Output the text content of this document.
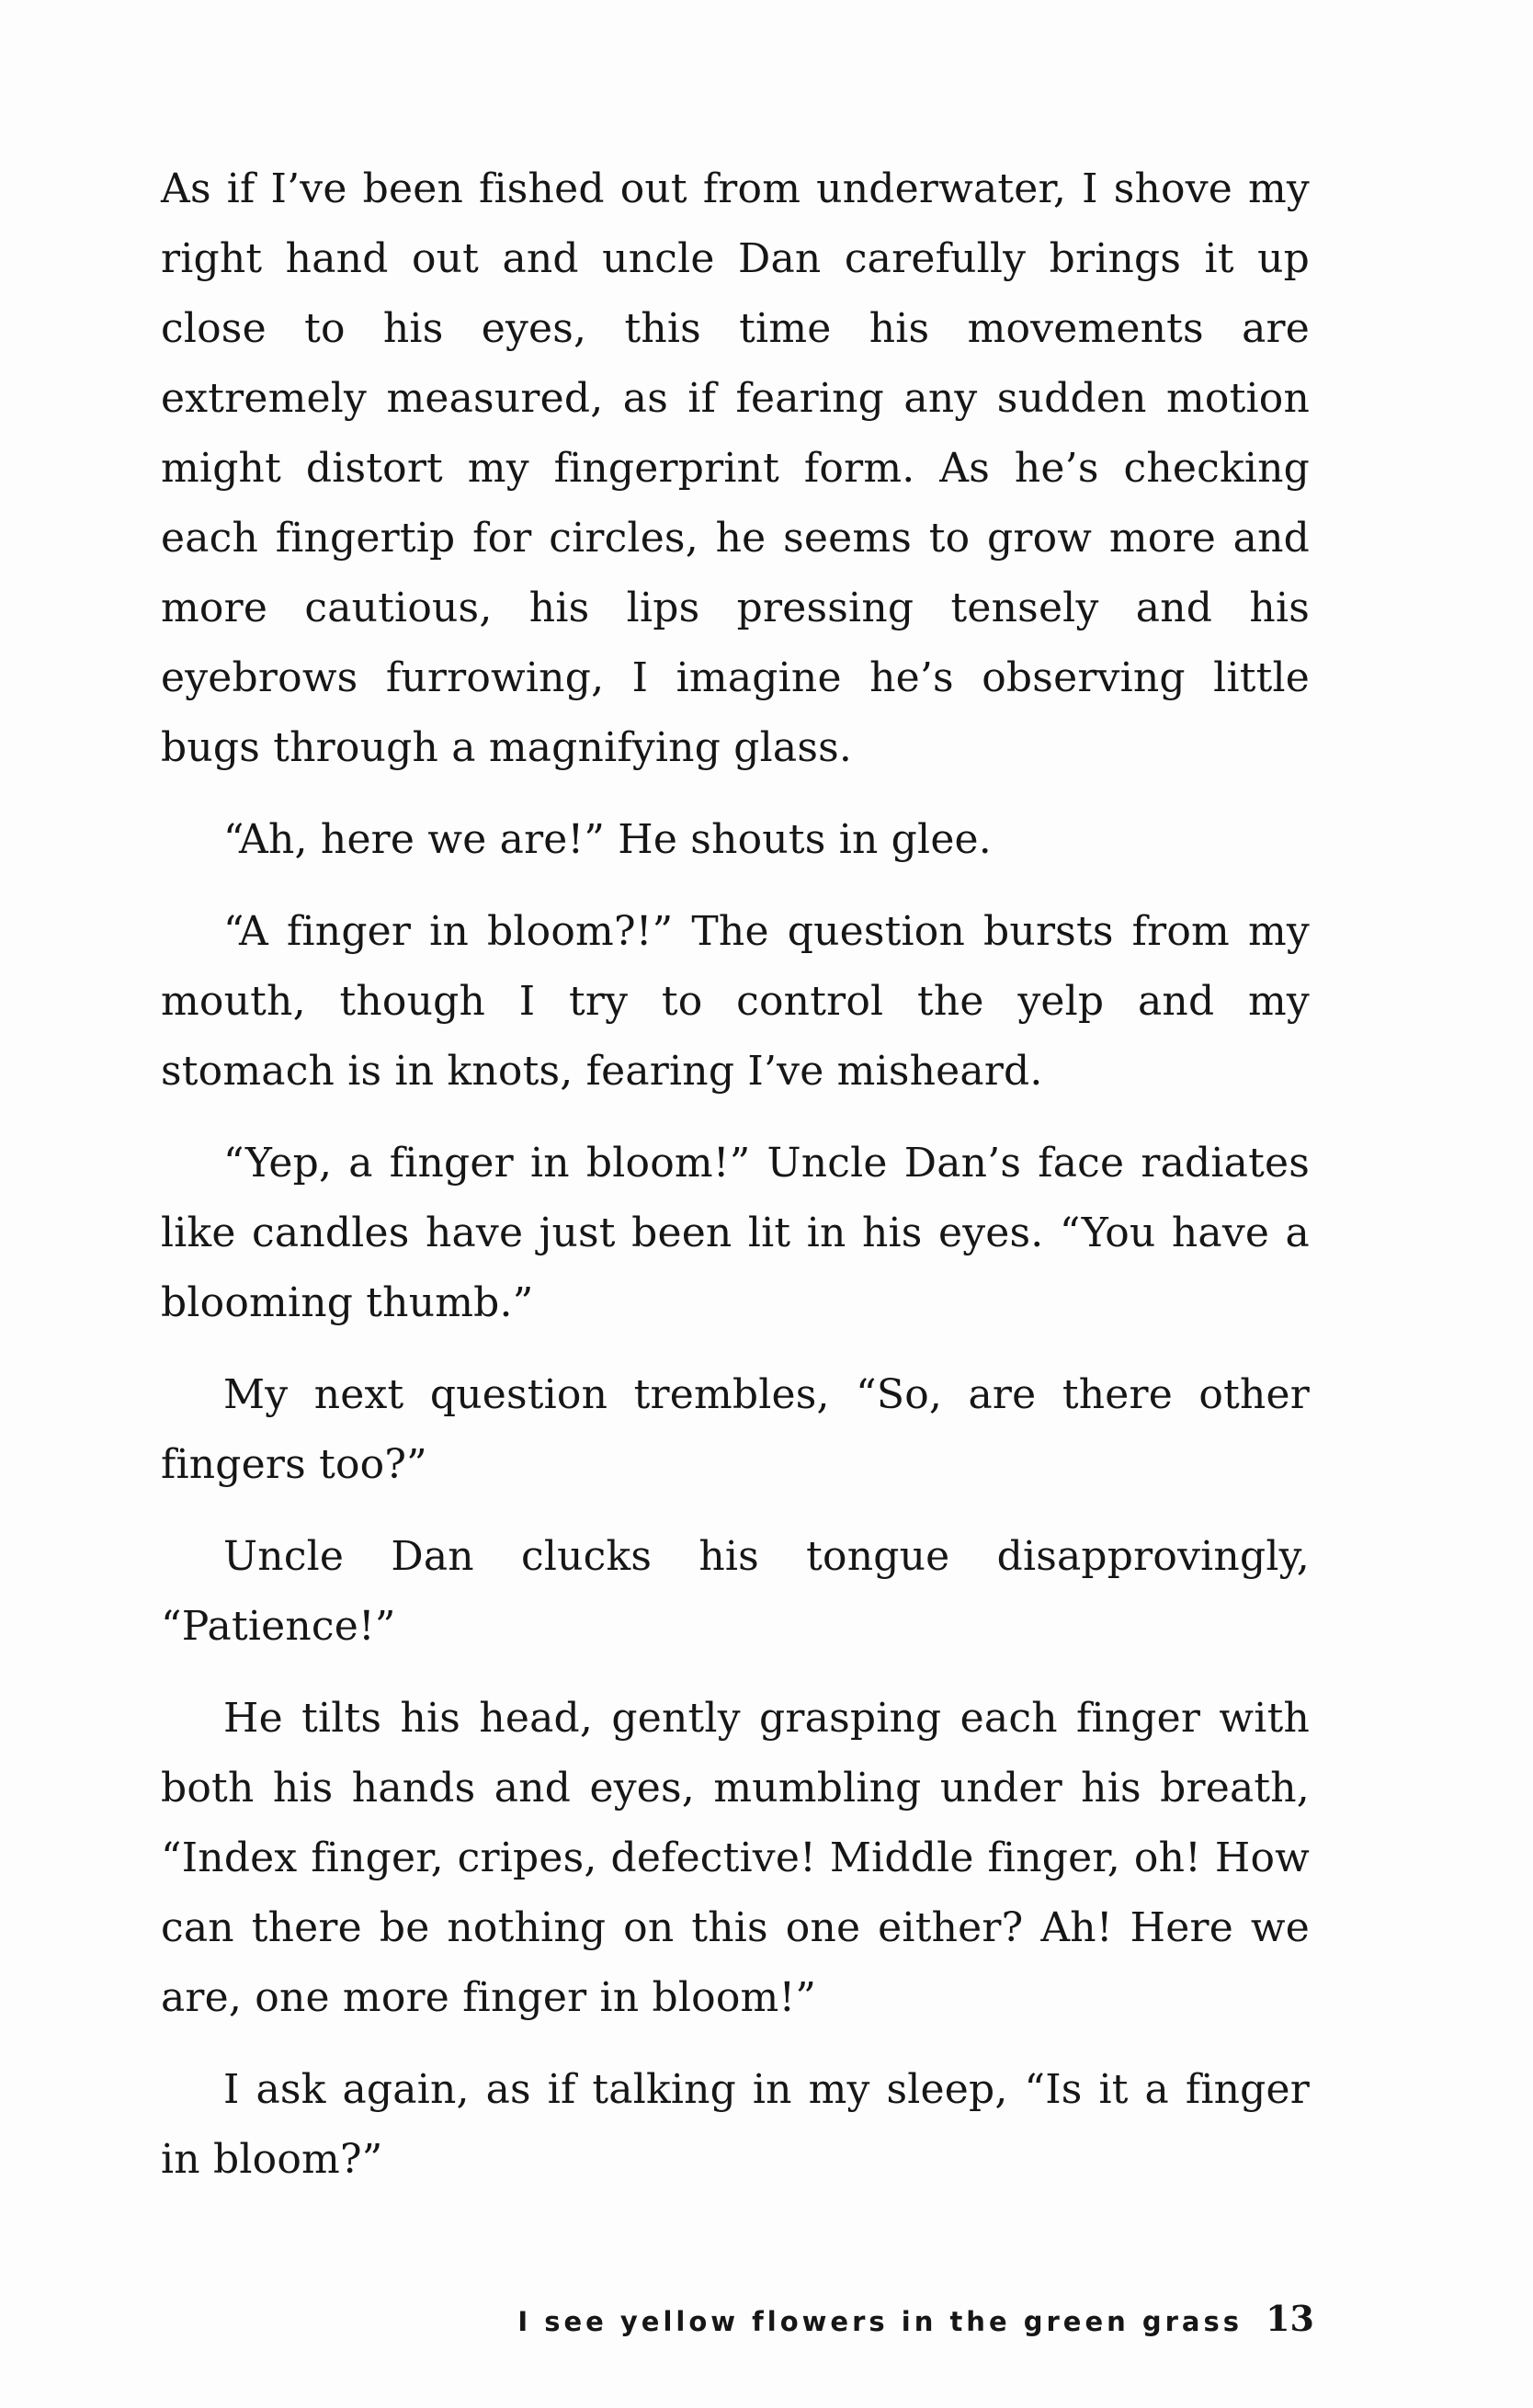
As if I’ve been fished out from underwater, I shove my right hand out and uncle Dan carefully brings it up close to his eyes, this time his movements are extremely measured, as if fearing any sudden motion might distort my fingerprint form. As he’s checking each fingertip for circles, he seems to grow more and more cautious, his lips pressing tensely and his eyebrows furrowing, I imagine he’s observing little bugs through a magnifying glass.

“Ah, here we are!” He shouts in glee.

“A finger in bloom?!” The question bursts from my mouth, though I try to control the yelp and my stomach is in knots, fearing I’ve misheard.

“Yep, a finger in bloom!” Uncle Dan’s face radiates like candles have just been lit in his eyes. “You have a blooming thumb.”

My next question trembles, “So, are there other fingers too?”

Uncle Dan clucks his tongue disapprovingly, “Patience!”

He tilts his head, gently grasping each finger with both his hands and eyes, mumbling under his breath, “Index finger, cripes, defective! Middle finger, oh! How can there be nothing on this one either? Ah! Here we are, one more finger in bloom!”

I ask again, as if talking in my sleep, “Is it a finger in bloom?”

I see yellow flowers in the green grass 13
